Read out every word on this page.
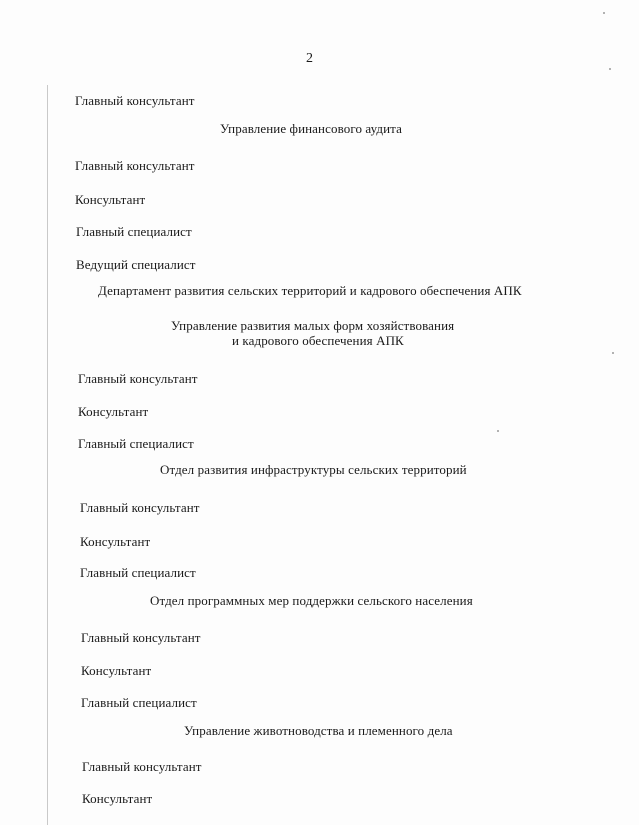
2
Главный консультант
Управление финансового аудита
Главный консультант
Консультант
Главный специалист
Ведущий специалист
Департамент развития сельских территорий и кадрового обеспечения АПК
Управление развития малых форм хозяйствования
и кадрового обеспечения АПК
Главный консультант
Консультант
Главный специалист
Отдел развития инфраструктуры сельских территорий
Главный консультант
Консультант
Главный специалист
Отдел программных мер поддержки сельского населения
Главный консультант
Консультант
Главный специалист
Управление животноводства и племенного дела
Главный консультант
Консультант
